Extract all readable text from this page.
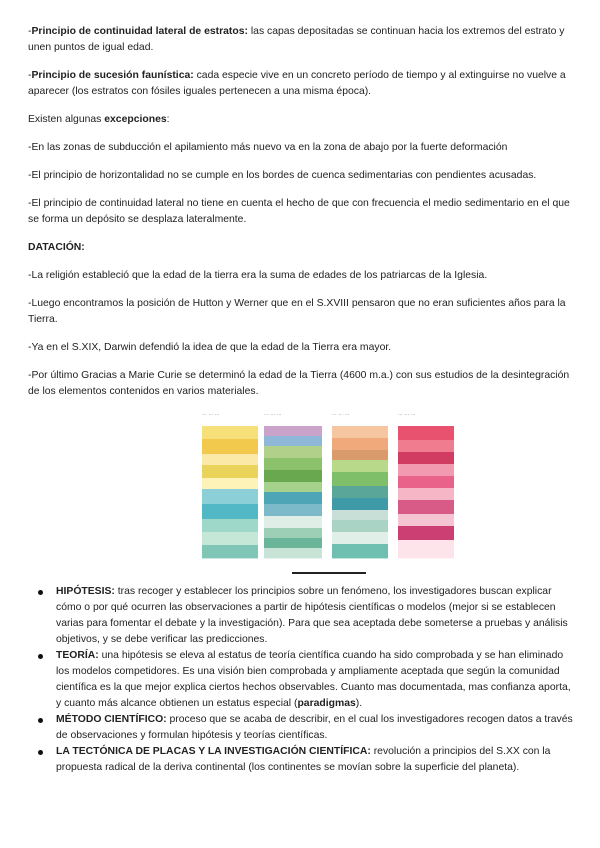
-Principio de continuidad lateral de estratos: las capas depositadas se continuan hacia los extremos del estrato y unen puntos de igual edad.

-Principio de sucesión faunística: cada especie vive en un concreto período de tiempo y al extinguirse no vuelve a aparecer (los estratos con fósiles iguales pertenecen a una misma época).

Existen algunas excepciones:

-En las zonas de subducción el apilamiento más nuevo va en la zona de abajo por la fuerte deformación

-El principio de horizontalidad no se cumple en los bordes de cuenca sedimentarias con pendientes acusadas.

-El principio de continuidad lateral no tiene en cuenta el hecho de que con frecuencia el medio sedimentario en el que se forma un depósito se desplaza lateralmente.

DATACIÓN:

-La religión estableció que la edad de la tierra era la suma de edades de los patriarcas de la Iglesia.

-Luego encontramos la posición de Hutton y Werner que en el S.XVIII pensaron que no eran suficientes años para la Tierra.

-Ya en el S.XIX, Darwin defendió la idea de que la edad de la Tierra era mayor.

-Por último Gracias a Marie Curie se determinó la edad de la Tierra (4600 m.a.) con sus estudios de la desintegración de los elementos contenidos en varios materiales.

⋯ ⋯ ⋯	⋯ ⋯ ⋯	⋯ ⋯ ⋯	⋯ ⋯ ⋯
HIPÓTESIS: tras recoger y establecer los principios sobre un fenómeno, los investigadores buscan explicar cómo o por qué ocurren las observaciones a partir de hipótesis científicas o modelos (mejor si se establecen varias para fomentar el debate y la investigación). Para que sea aceptada debe someterse a pruebas y análisis objetivos, y se debe verificar las predicciones.
TEORÍA: una hipótesis se eleva al estatus de teoría científica cuando ha sido comprobada y se han eliminado los modelos competidores. Es una visión bien comprobada y ampliamente aceptada que según la comunidad científica es la que mejor explica ciertos hechos observables. Cuanto mas documentada, mas confianza aporta, y cuanto más alcance obtienen un estatus especial (paradigmas).
MÉTODO CIENTÍFICO: proceso que se acaba de describir, en el cual los investigadores recogen datos a través de observaciones y formulan hipótesis y teorías científicas.
LA TECTÓNICA DE PLACAS Y LA INVESTIGACIÓN CIENTÍFICA: revolución a principios del S.XX con la propuesta radical de la deriva continental (los continentes se movían sobre la superficie del planeta).
